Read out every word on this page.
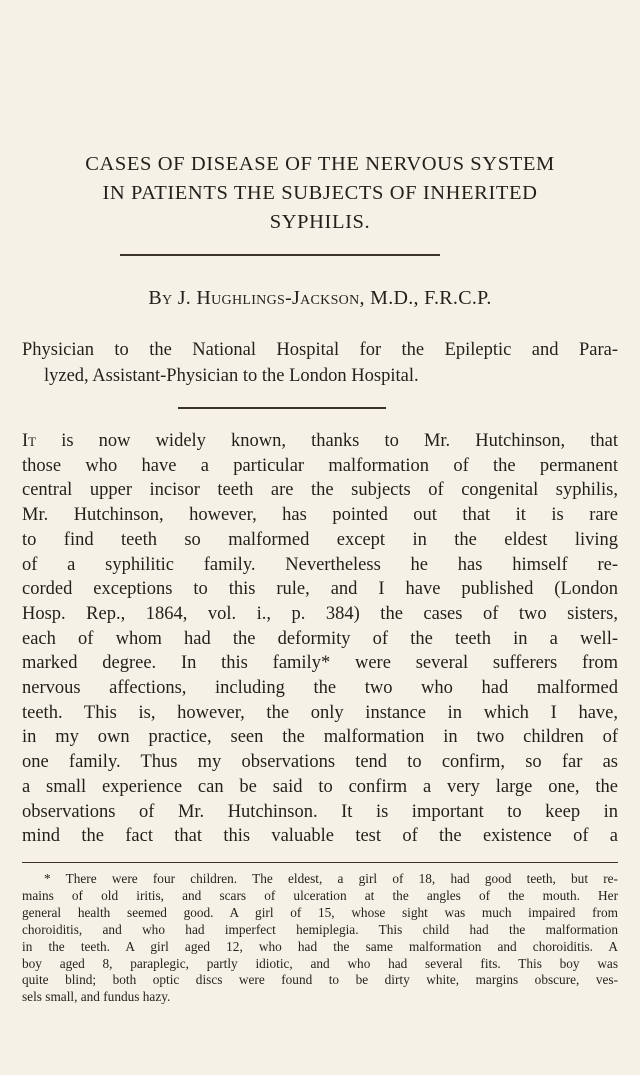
CASES OF DISEASE OF THE NERVOUS SYSTEM
IN PATIENTS THE SUBJECTS OF INHERITED
SYPHILIS.
By J. Hughlings-Jackson, M.D., F.R.C.P.
Physician to the National Hospital for the Epileptic and Para-
lyzed, Assistant-Physician to the London Hospital.
It is now widely known, thanks to Mr. Hutchinson, that
those who have a particular malformation of the permanent
central upper incisor teeth are the subjects of congenital syphilis,
Mr. Hutchinson, however, has pointed out that it is rare
to find teeth so malformed except in the eldest living
of a syphilitic family. Nevertheless he has himself re-
corded exceptions to this rule, and I have published (London
Hosp. Rep., 1864, vol. i., p. 384) the cases of two sisters,
each of whom had the deformity of the teeth in a well-
marked degree. In this family* were several sufferers from
nervous affections, including the two who had malformed
teeth. This is, however, the only instance in which I have,
in my own practice, seen the malformation in two children of
one family. Thus my observations tend to confirm, so far as
a small experience can be said to confirm a very large one, the
observations of Mr. Hutchinson. It is important to keep in
mind the fact that this valuable test of the existence of a
* There were four children. The eldest, a girl of 18, had good teeth, but re-
mains of old iritis, and scars of ulceration at the angles of the mouth. Her
general health seemed good. A girl of 15, whose sight was much impaired from
choroiditis, and who had imperfect hemiplegia. This child had the malformation
in the teeth. A girl aged 12, who had the same malformation and choroiditis. A
boy aged 8, paraplegic, partly idiotic, and who had several fits. This boy was
quite blind; both optic discs were found to be dirty white, margins obscure, ves-
sels small, and fundus hazy.
